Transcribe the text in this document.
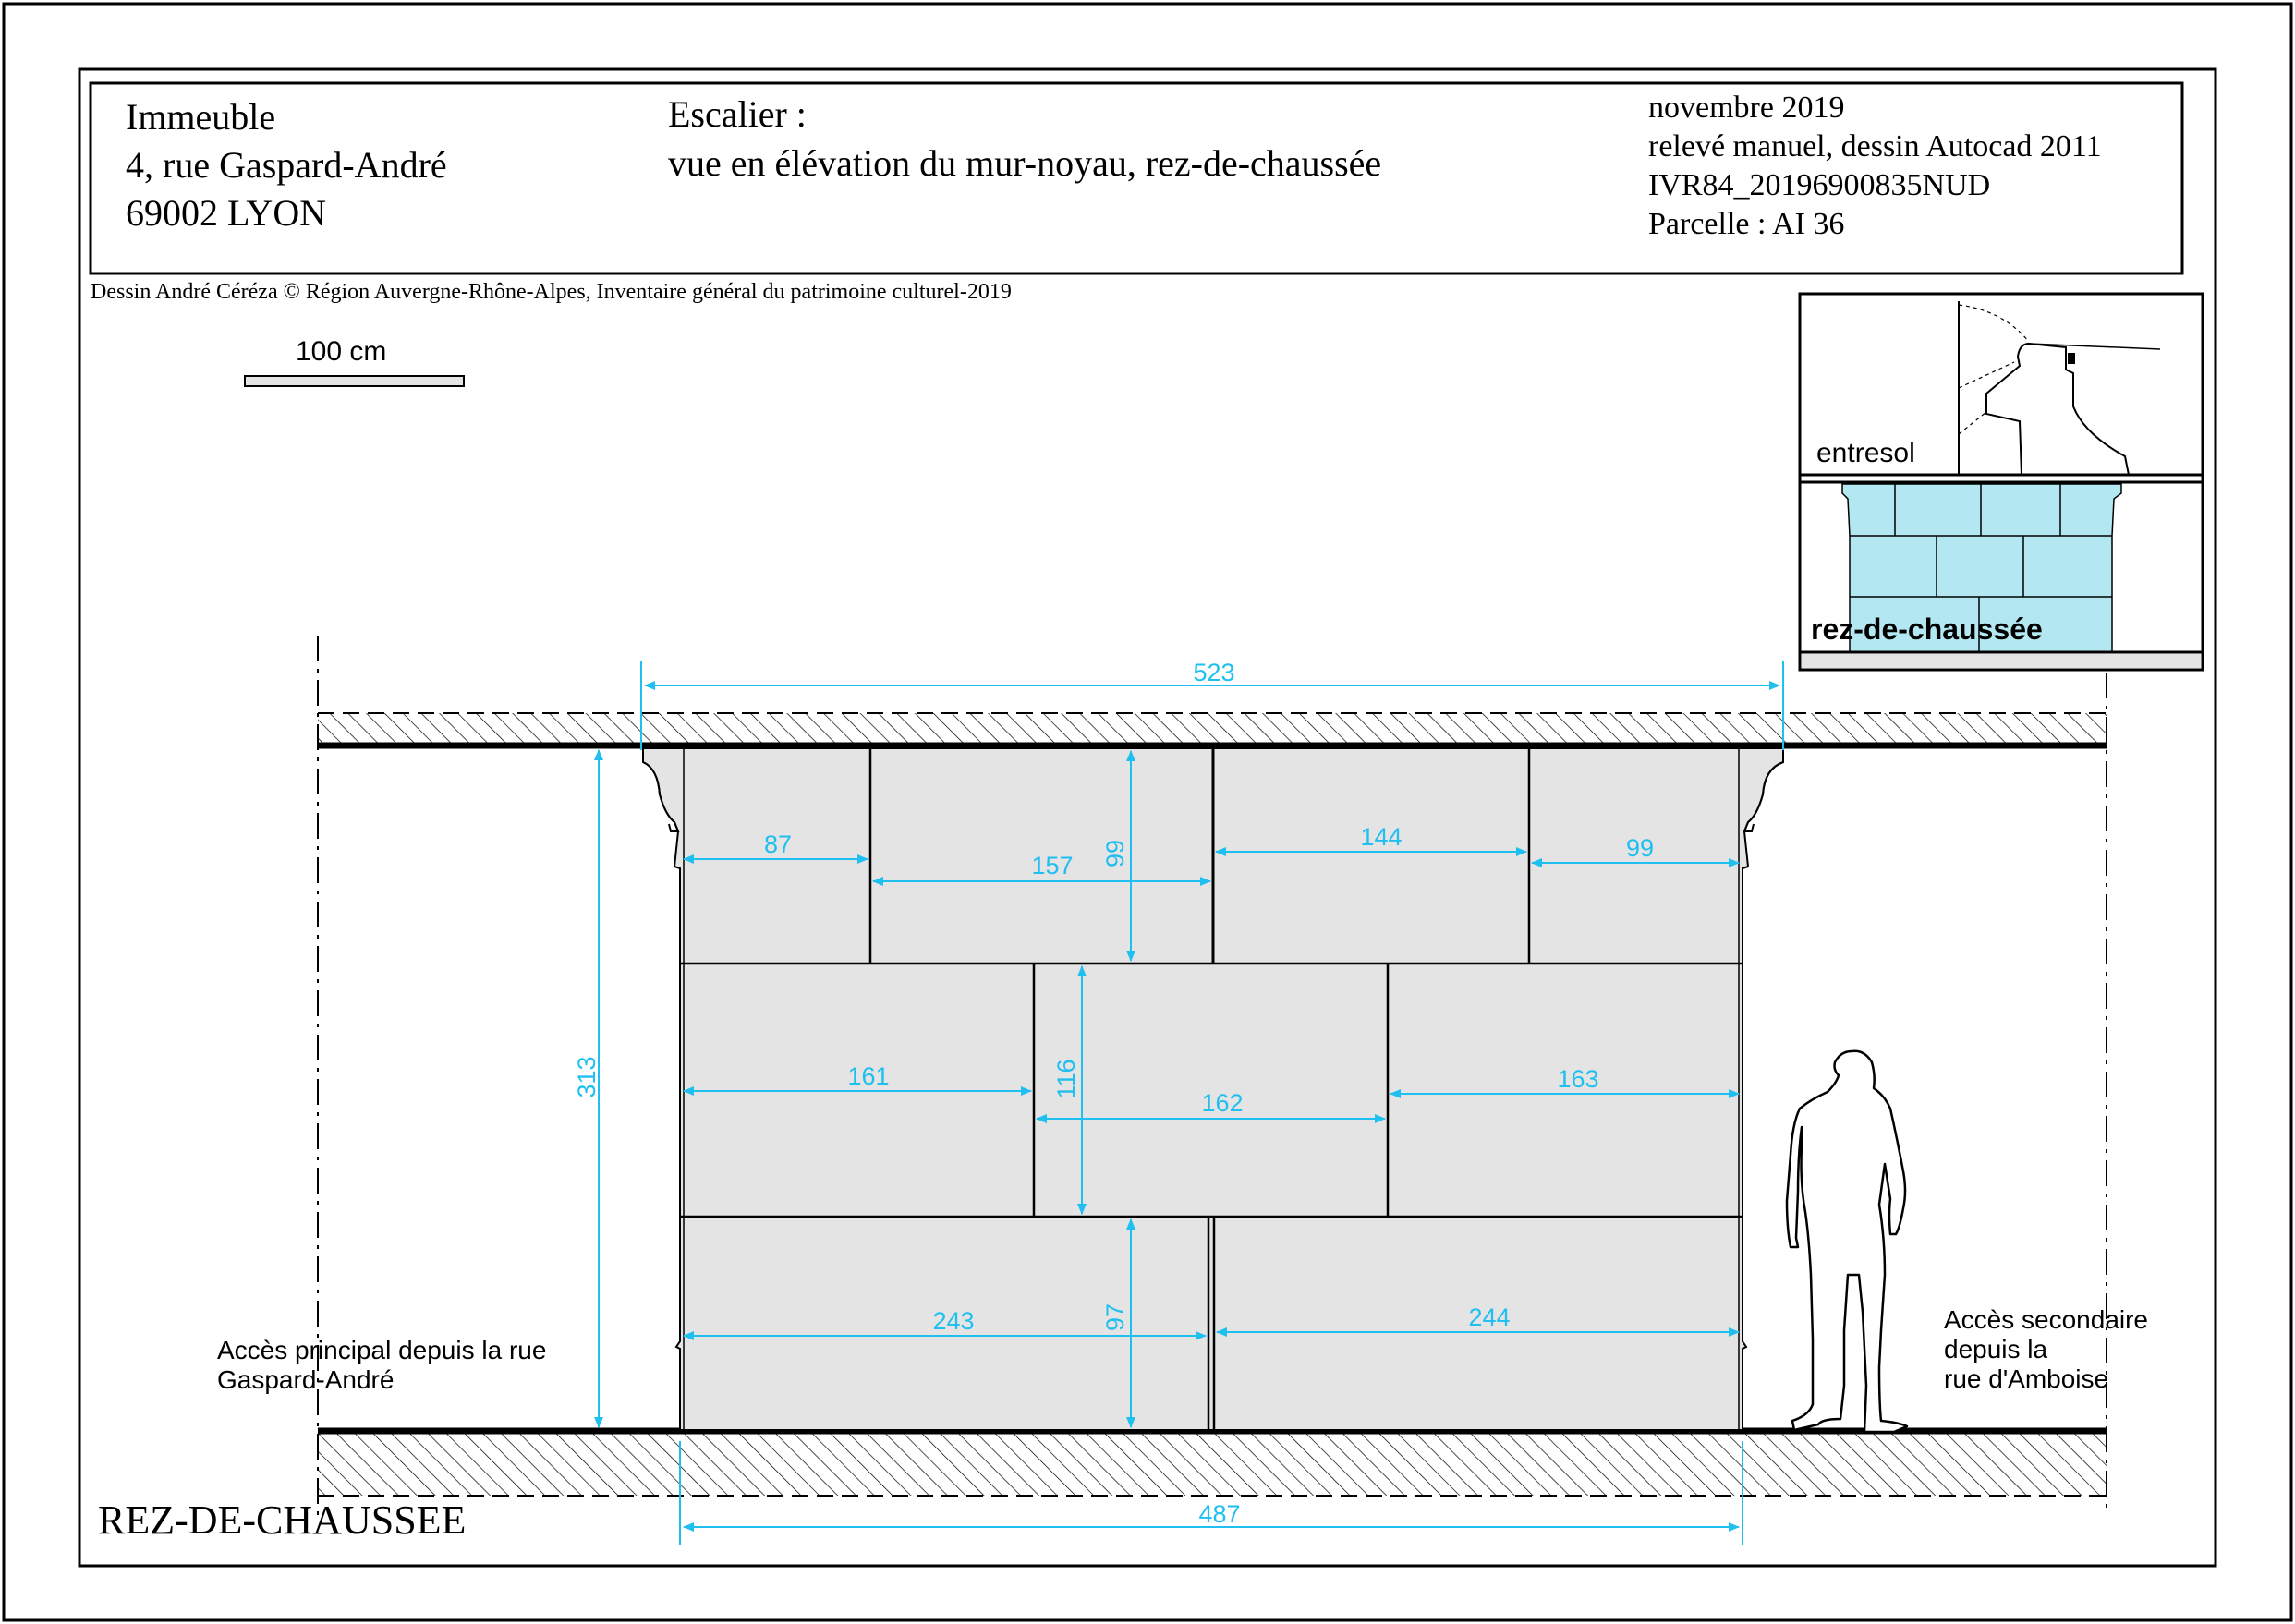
Immeuble 4, rue Gaspard-André 69002 LYON
Escalier : vue en élévation du mur-noyau, rez-de-chaussée
novembre 2019 relevé manuel, dessin Autocad 2011 IVR84_20196900835NUD Parcelle : AI 36
Dessin André Céréza © Région Auvergne-Rhône-Alpes, Inventaire général du patrimoine culturel-2019
100 cm
523
313
87
157
144	99
99
161
162
163
116
243	244
97
487
Accès principal depuis la rue Gaspard-André
Accès secondaire depuis la rue d'Amboise
REZ-DE-CHAUSSEE
entresol
rez-de-chaussée
